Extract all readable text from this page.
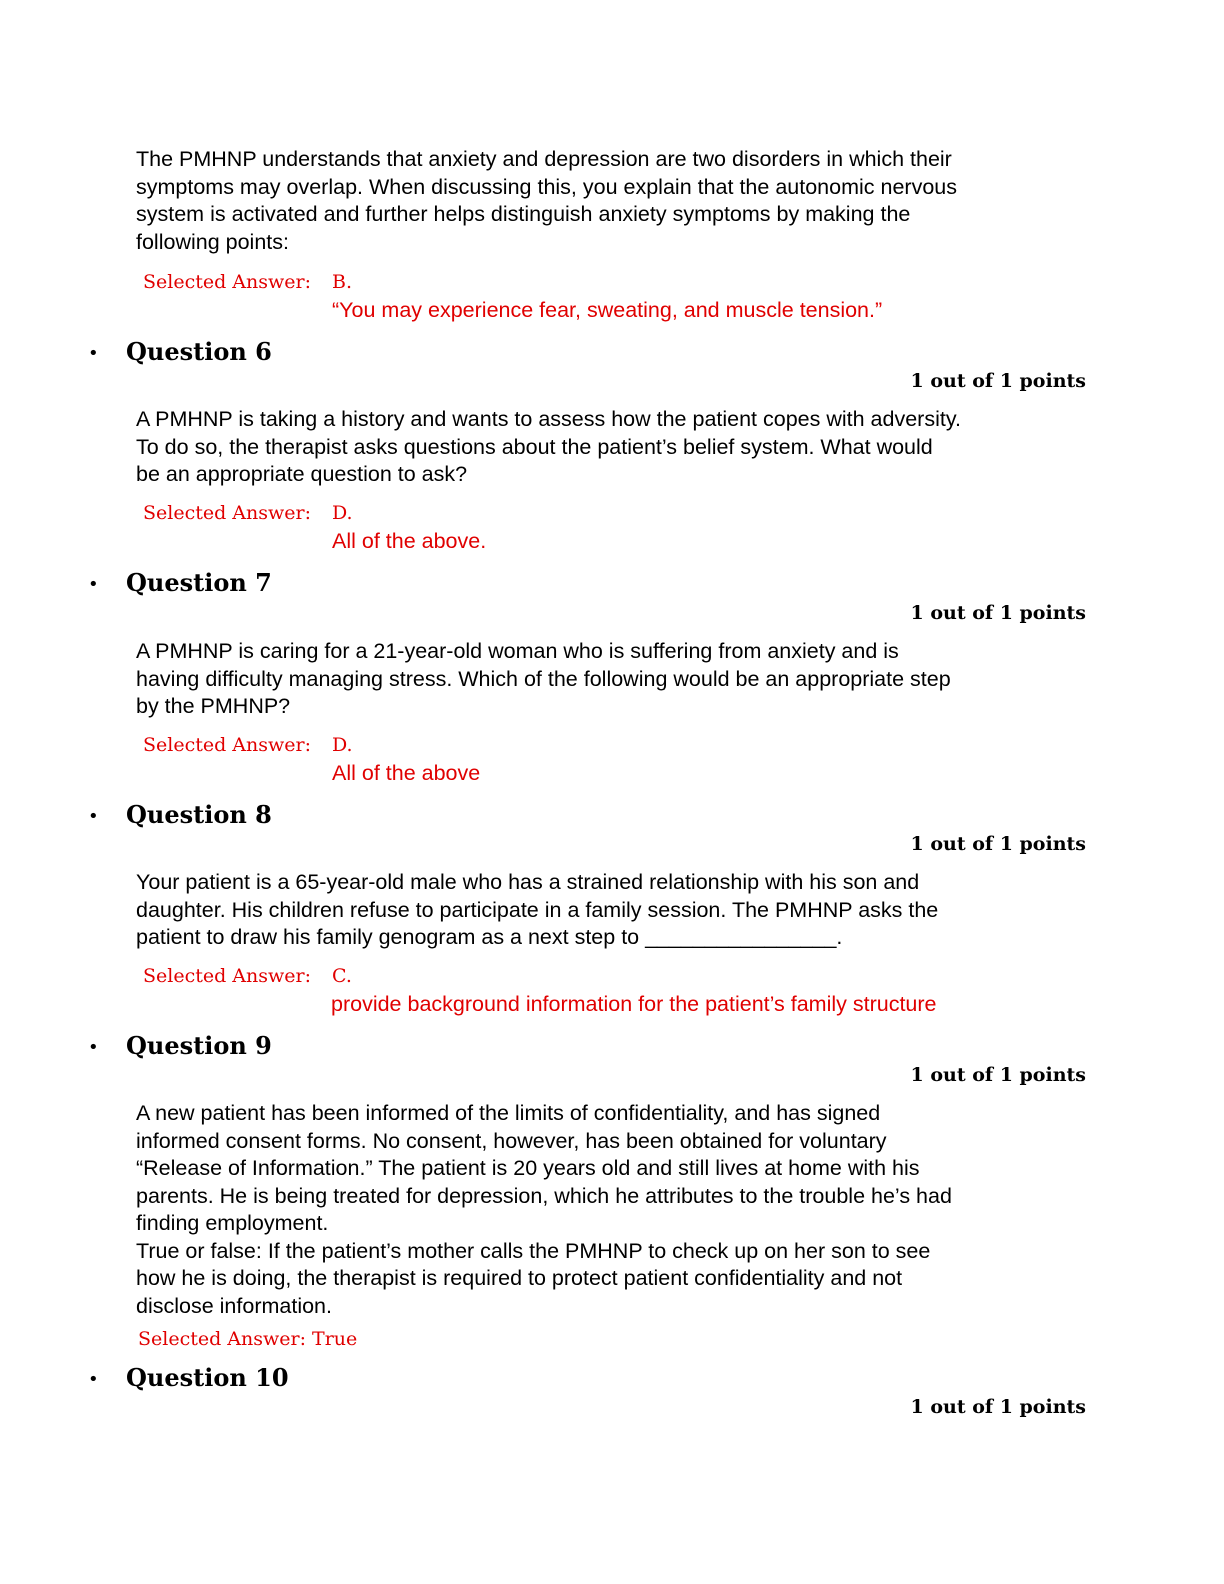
The PMHNP understands that anxiety and depression are two disorders in which their
symptoms may overlap. When discussing this, you explain that the autonomic nervous
system is activated and further helps distinguish anxiety symptoms by making the
following points:
Selected Answer: B.
“You may experience fear, sweating, and muscle tension.”
• Question 6
1 out of 1 points
A PMHNP is taking a history and wants to assess how the patient copes with adversity.
To do so, the therapist asks questions about the patient’s belief system. What would
be an appropriate question to ask?
Selected Answer: D.
All of the above.
• Question 7
1 out of 1 points
A PMHNP is caring for a 21-year-old woman who is suffering from anxiety and is
having difficulty managing stress. Which of the following would be an appropriate step
by the PMHNP?
Selected Answer: D.
All of the above
• Question 8
1 out of 1 points
Your patient is a 65-year-old male who has a strained relationship with his son and
daughter. His children refuse to participate in a family session. The PMHNP asks the
patient to draw his family genogram as a next step to ________________.
Selected Answer: C.
provide background information for the patient’s family structure
• Question 9
1 out of 1 points
A new patient has been informed of the limits of confidentiality, and has signed
informed consent forms. No consent, however, has been obtained for voluntary
“Release of Information.” The patient is 20 years old and still lives at home with his
parents. He is being treated for depression, which he attributes to the trouble he’s had
finding employment.
True or false: If the patient’s mother calls the PMHNP to check up on her son to see
how he is doing, the therapist is required to protect patient confidentiality and not
disclose information.
Selected Answer: True
• Question 10
1 out of 1 points
